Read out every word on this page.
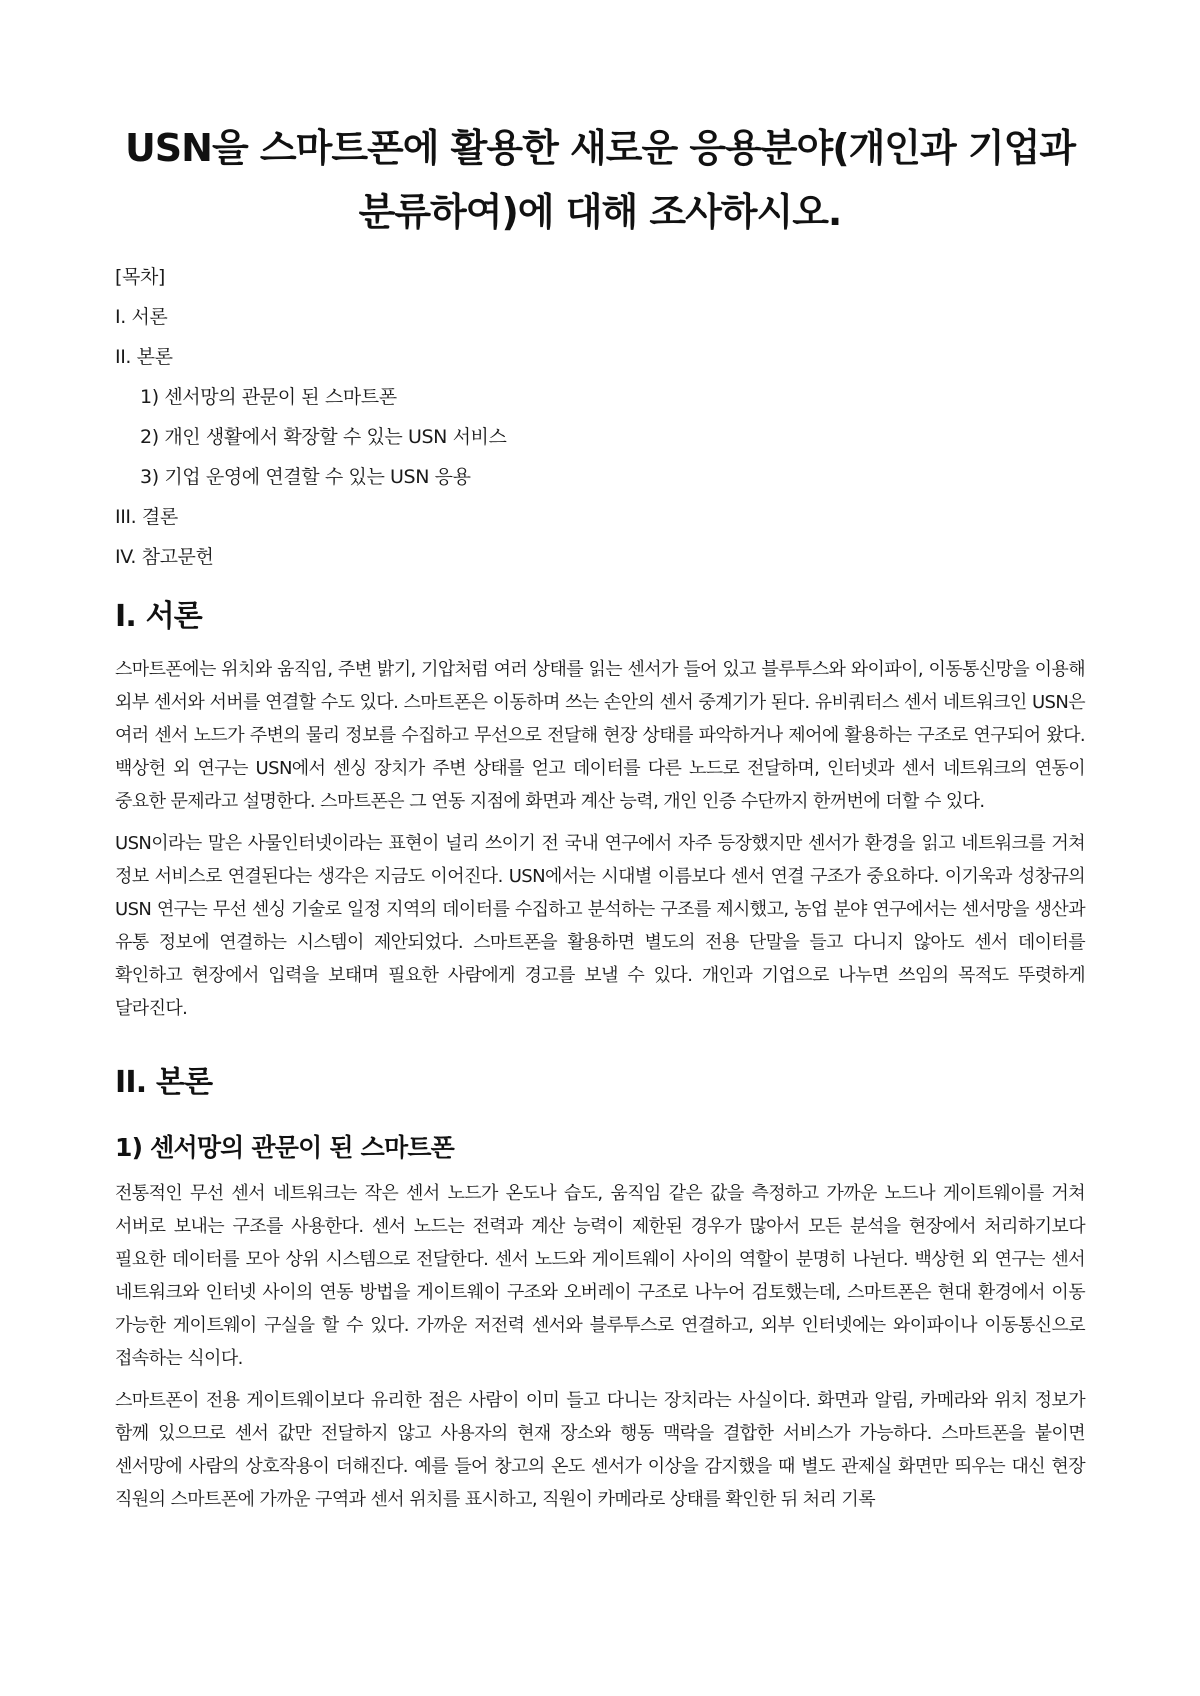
USN을 스마트폰에 활용한 새로운 응용분야(개인과 기업과 분류하여)에 대해 조사하시오.
[목차]
I. 서론
II. 본론
1) 센서망의 관문이 된 스마트폰
2) 개인 생활에서 확장할 수 있는 USN 서비스
3) 기업 운영에 연결할 수 있는 USN 응용
III. 결론
IV. 참고문헌
I. 서론

스마트폰에는 위치와 움직임, 주변 밝기, 기압처럼 여러 상태를 읽는 센서가 들어 있고 블루투스와 와이파이, 이동통신망을 이용해 외부 센서와 서버를 연결할 수도 있다. 스마트폰은 이동하며 쓰는 손안의 센서 중계기가 된다. 유비쿼터스 센서 네트워크인 USN은 여러 센서 노드가 주변의 물리 정보를 수집하고 무선으로 전달해 현장 상태를 파악하거나 제어에 활용하는 구조로 연구되어 왔다. 백상헌 외 연구는 USN에서 센싱 장치가 주변 상태를 얻고 데이터를 다른 노드로 전달하며, 인터넷과 센서 네트워크의 연동이 중요한 문제라고 설명한다. 스마트폰은 그 연동 지점에 화면과 계산 능력, 개인 인증 수단까지 한꺼번에 더할 수 있다.

USN이라는 말은 사물인터넷이라는 표현이 널리 쓰이기 전 국내 연구에서 자주 등장했지만 센서가 환경을 읽고 네트워크를 거쳐 정보 서비스로 연결된다는 생각은 지금도 이어진다. USN에서는 시대별 이름보다 센서 연결 구조가 중요하다. 이기욱과 성창규의 USN 연구는 무선 센싱 기술로 일정 지역의 데이터를 수집하고 분석하는 구조를 제시했고, 농업 분야 연구에서는 센서망을 생산과 유통 정보에 연결하는 시스템이 제안되었다. 스마트폰을 활용하면 별도의 전용 단말을 들고 다니지 않아도 센서 데이터를 확인하고 현장에서 입력을 보태며 필요한 사람에게 경고를 보낼 수 있다. 개인과 기업으로 나누면 쓰임의 목적도 뚜렷하게 달라진다.

II. 본론
1) 센서망의 관문이 된 스마트폰

전통적인 무선 센서 네트워크는 작은 센서 노드가 온도나 습도, 움직임 같은 값을 측정하고 가까운 노드나 게이트웨이를 거쳐 서버로 보내는 구조를 사용한다. 센서 노드는 전력과 계산 능력이 제한된 경우가 많아서 모든 분석을 현장에서 처리하기보다 필요한 데이터를 모아 상위 시스템으로 전달한다. 센서 노드와 게이트웨이 사이의 역할이 분명히 나뉜다. 백상헌 외 연구는 센서 네트워크와 인터넷 사이의 연동 방법을 게이트웨이 구조와 오버레이 구조로 나누어 검토했는데, 스마트폰은 현대 환경에서 이동 가능한 게이트웨이 구실을 할 수 있다. 가까운 저전력 센서와 블루투스로 연결하고, 외부 인터넷에는 와이파이나 이동통신으로 접속하는 식이다.

스마트폰이 전용 게이트웨이보다 유리한 점은 사람이 이미 들고 다니는 장치라는 사실이다. 화면과 알림, 카메라와 위치 정보가 함께 있으므로 센서 값만 전달하지 않고 사용자의 현재 장소와 행동 맥락을 결합한 서비스가 가능하다. 스마트폰을 붙이면 센서망에 사람의 상호작용이 더해진다. 예를 들어 창고의 온도 센서가 이상을 감지했을 때 별도 관제실 화면만 띄우는 대신 현장 직원의 스마트폰에 가까운 구역과 센서 위치를 표시하고, 직원이 카메라로 상태를 확인한 뒤 처리 기록
